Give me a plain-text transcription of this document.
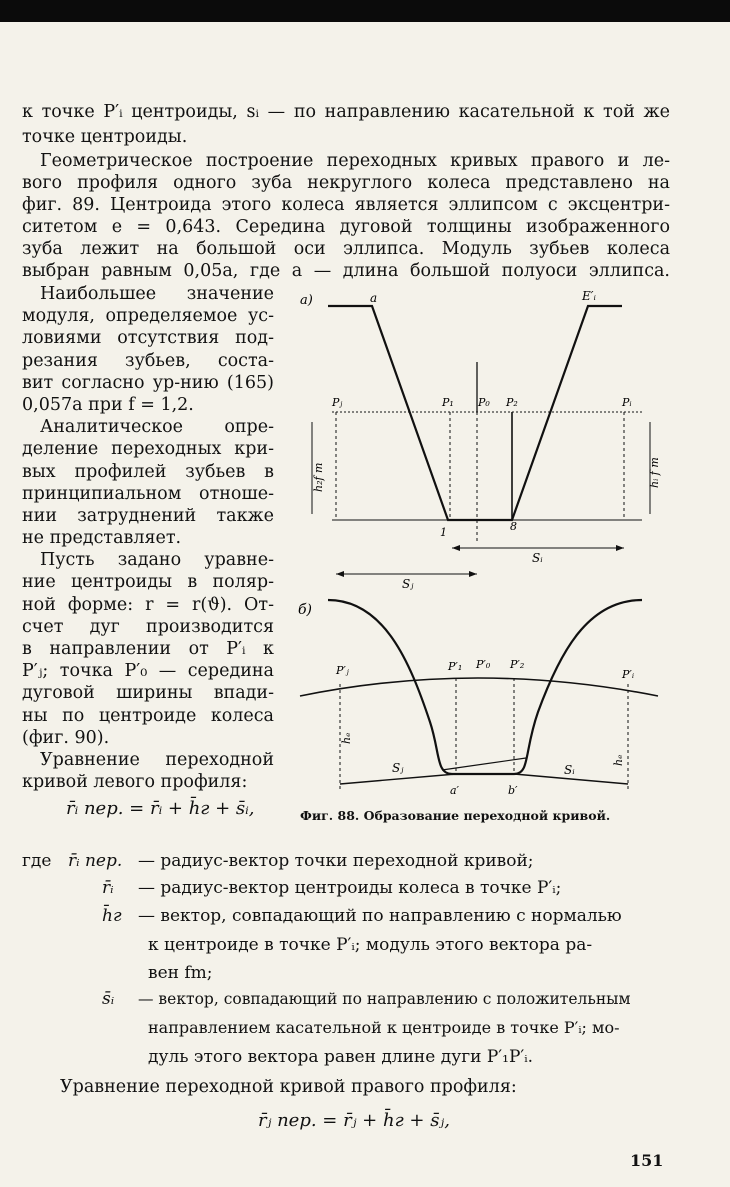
к точке P′ᵢ центроиды, sᵢ — по направлению касательной к той же
точке центроиды.
Геометрическое построение переходных кривых правого и ле-
вого профиля одного зуба некруглого колеса представлено на
фиг. 89. Центроида этого колеса является эллипсом с эксцентри-
ситетом e = 0,643. Середина дуговой толщины изображенного
зуба лежит на большой оси эллипса. Модуль зубьев колеса
выбран равным 0,05a, где a — длина большой полуоси эллипса.
Наибольшее значение
модуля, определяемое ус-
ловиями отсутствия под-
резания зубьев, соста-
вит согласно ур-нию (165)
0,057a при f = 1,2.
Аналитическое опре-
деление переходных кри-
вых профилей зубьев в
принципиальном отноше-
нии затруднений также
не представляет.
Пусть задано уравне-
ние центроиды в поляр-
ной форме: r = r(ϑ). От-
счет дуг производится
в направлении от P′ᵢ к
P′ⱼ; точка P′₀ — середина
дуговой ширины впади-
ны по центроиде колеса
(фиг. 90).
Уравнение переходной
кривой левого профиля:
r̄ᵢ пер. = r̄ᵢ + h̄г + s̄ᵢ,
а)	a	E′ᵢ
Pⱼ	P₁ P₀ P₂	Pᵢ
1	8
h₂f m	hᵢ f m
Sᵢ
Sⱼ
б)
P′ⱼ	P′₁ P′₀ P′₂
P′ᵢ
hₑ
hₑ
Sⱼ	Sᵢ
a′	b′
Фиг. 88. Образование переходной кривой.
где r̄ᵢ пер. — радиус-вектор точки переходной кривой;
r̄ᵢ — радиус-вектор центроиды колеса в точке P′ᵢ;
h̄г — вектор, совпадающий по направлению с нормалью
к центроиде в точке P′ᵢ; модуль этого вектора ра-
вен fm;
s̄ᵢ — вектор, совпадающий по направлению с положительным
направлением касательной к центроиде в точке P′ᵢ; мо-
дуль этого вектора равен длине дуги P′₁P′ᵢ.
Уравнение переходной кривой правого профиля:
r̄ⱼ пер. = r̄ⱼ + h̄г + s̄ⱼ,
151
